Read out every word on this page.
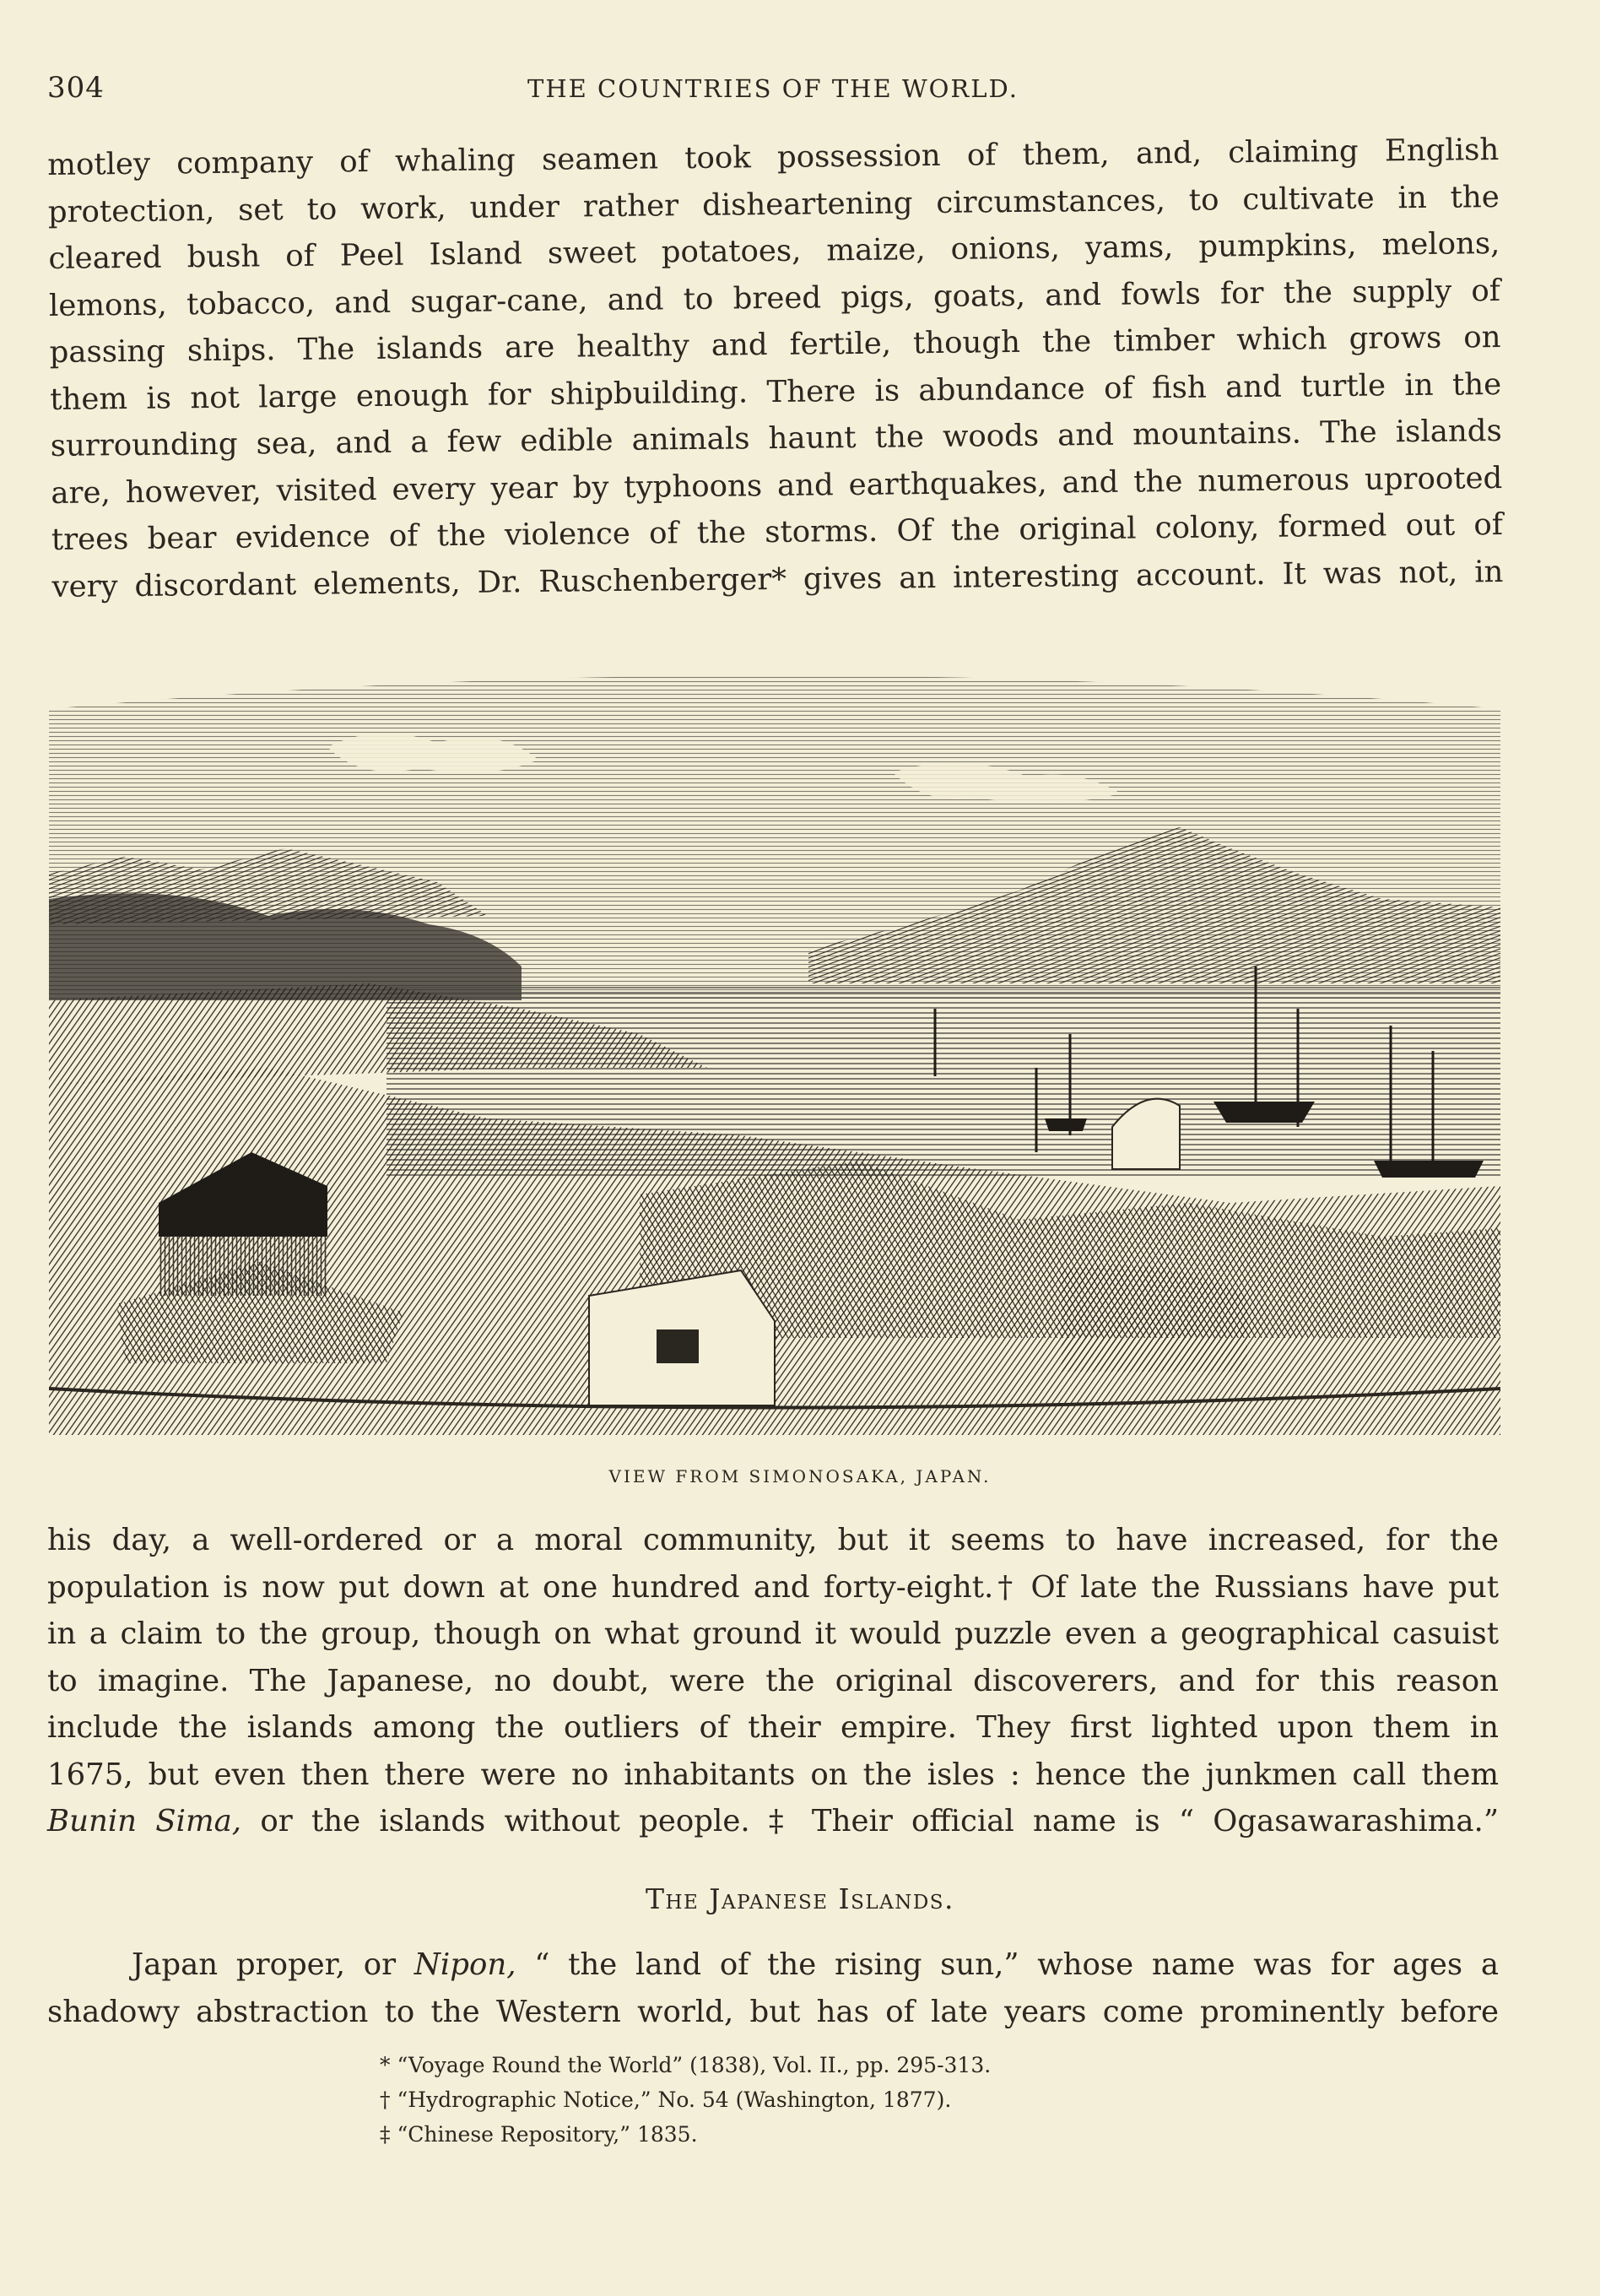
304	THE COUNTRIES OF THE WORLD.
motley company of whaling seamen took possession of them, and, claiming English
protection, set to work, under rather disheartening circumstances, to cultivate in the
cleared bush of Peel Island sweet potatoes, maize, onions, yams, pumpkins, melons,
lemons, tobacco, and sugar-cane, and to breed pigs, goats, and fowls for the supply of
passing ships. The islands are healthy and fertile, though the timber which grows on
them is not large enough for shipbuilding. There is abundance of fish and turtle in the
surrounding sea, and a few edible animals haunt the woods and mountains. The islands
are, however, visited every year by typhoons and earthquakes, and the numerous uprooted
trees bear evidence of the violence of the storms. Of the original colony, formed out of
very discordant elements, Dr. Ruschenberger* gives an interesting account. It was not, in
VIEW FROM SIMONOSAKA, JAPAN.
his day, a well-ordered or a moral community, but it seems to have increased, for the
population is now put down at one hundred and forty-eight.† Of late the Russians have put
in a claim to the group, though on what ground it would puzzle even a geographical casuist
to imagine. The Japanese, no doubt, were the original discoverers, and for this reason
include the islands among the outliers of their empire. They first lighted upon them in
1675, but even then there were no inhabitants on the isles : hence the junkmen call them
Bunin Sima, or the islands without people. ‡ Their official name is “ Ogasawarashima.”
The Japanese Islands.
Japan proper, or Nipon, “ the land of the rising sun,” whose name was for ages a
shadowy abstraction to the Western world, but has of late years come prominently before
* “Voyage Round the World” (1838), Vol. II., pp. 295-313.
† “Hydrographic Notice,” No. 54 (Washington, 1877).
‡ “Chinese Repository,” 1835.
